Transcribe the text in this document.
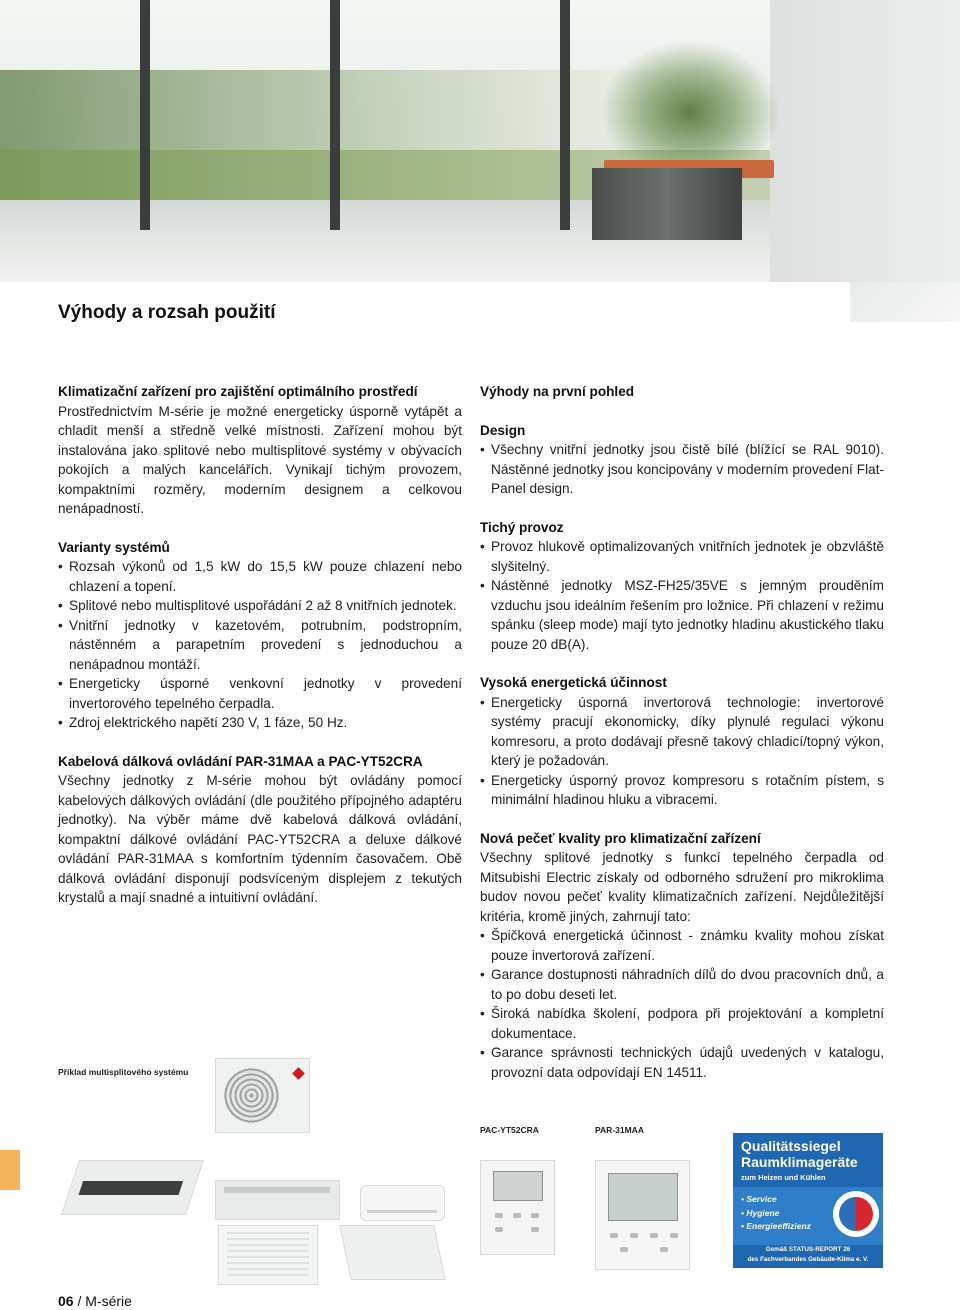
Výhody a rozsah použití
Klimatizační zařízení pro zajištění optimálního prostředí

Prostřednictvím M-série je možné energeticky úsporně vytápět a chladit menší a středně velké místnosti. Zařízení mohou být instalována jako splitové nebo multisplitové systémy v obývacích pokojích a malých kancelářích. Vynikají tichým provozem, kompaktními rozměry, moderním designem a celkovou nenápadností.

Varianty systémů
• Rozsah výkonů od 1,5 kW do 15,5 kW pouze chlazení nebo chlazení a topení.
• Splitové nebo multisplitové uspořádání 2 až 8 vnitřních jednotek.
• Vnitřní jednotky v kazetovém, potrubním, podstropním, nástěnném a parapetním provedení s jednoduchou a nenápadnou montáží.
• Energeticky úsporné venkovní jednotky v provedení invertorového tepelného čerpadla.
• Zdroj elektrického napětí 230 V, 1 fáze, 50 Hz.
Kabelová dálková ovládání PAR-31MAA a PAC-YT52CRA

Všechny jednotky z M-série mohou být ovládány pomocí kabelových dálkových ovládání (dle použitého přípojného adaptéru jednotky). Na výběr máme dvě kabelová dálková ovládání, kompaktní dálkové ovládání PAC-YT52CRA a deluxe dálkové ovládání PAR-31MAA s komfortním týdenním časovačem. Obě dálková ovládání disponují podsvíceným displejem z tekutých krystalů a mají snadné a intuitivní ovládání.

Výhody na první pohled
Design
• Všechny vnitřní jednotky jsou čistě bílé (blížící se RAL 9010). Nástěnné jednotky jsou koncipovány v moderním provedení Flat-Panel design.
Tichý provoz
• Provoz hlukově optimalizovaných vnitřních jednotek je obzvláště slyšitelný.
• Nástěnné jednotky MSZ-FH25/35VE s jemným prouděním vzduchu jsou ideálním řešením pro ložnice. Při chlazení v režimu spánku (sleep mode) mají tyto jednotky hladinu akustického tlaku pouze 20 dB(A).
Vysoká energetická účinnost
• Energeticky úsporná invertorová technologie: invertorové systémy pracují ekonomicky, díky plynulé regulaci výkonu komresoru, a proto dodávají přesně takový chladicí/topný výkon, který je požadován.
• Energeticky úsporný provoz kompresoru s rotačním pístem, s minimální hladinou hluku a vibracemi.
Nová pečeť kvality pro klimatizační zařízení

Všechny splitové jednotky s funkcí tepelného čerpadla od Mitsubishi Electric získaly od odborného sdružení pro mikroklima budov novou pečeť kvality klimatizačních zařízení. Nejdůležitější kritéria, kromě jiných, zahrnují tato:

• Špičková energetická účinnost - známku kvality mohou získat pouze invertorová zařízení.
• Garance dostupnosti náhradních dílů do dvou pracovních dnů, a to po dobu deseti let.
• Široká nabídka školení, podpora při projektování a kompletní dokumentace.
• Garance správnosti technických údajů uvedených v katalogu, provozní data odpovídají EN 14511.
Příklad multisplitového systému
PAC-YT52CRA	PAR-31MAA
Qualitätssiegel
Raumklimageräte
zum Heizen und Kühlen
• Service
• Hygiene
• Energieeffizienz
Gemäß STATUS-REPORT 26
des Fachverbandes Gebäude-Klima e. V.
06 / M-série
